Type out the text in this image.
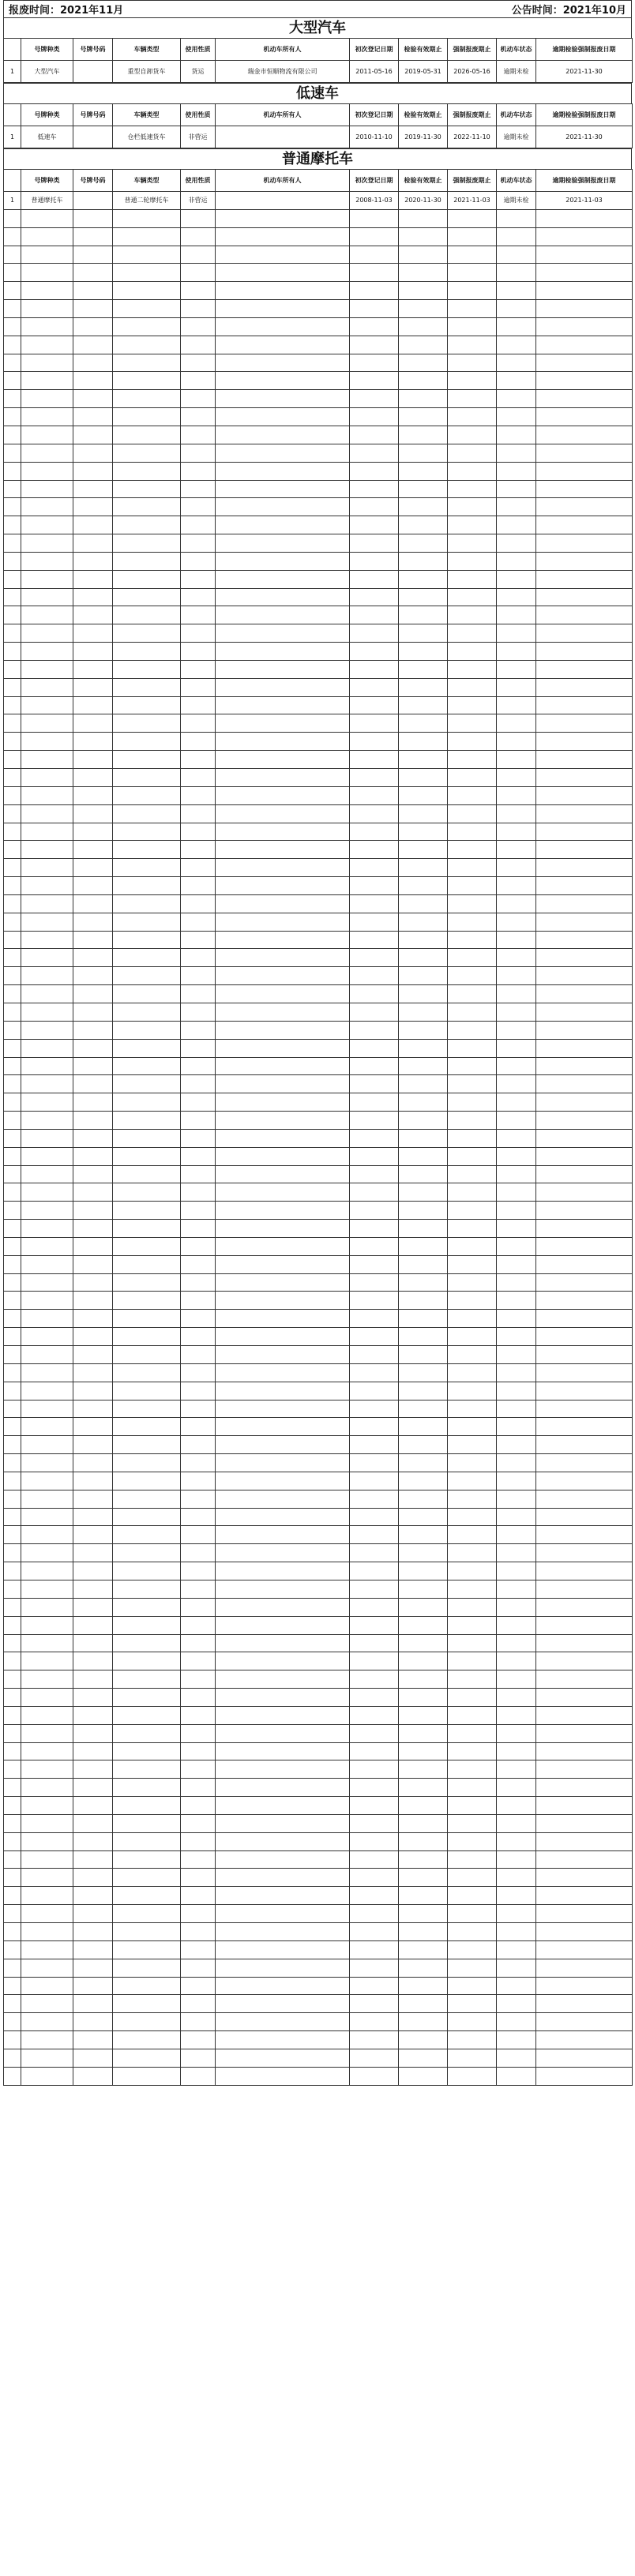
报废时间：2021年11月	公告时间：2021年10月
大型汽车
	号牌种类	号牌号码	车辆类型	使用性质	机动车所有人	初次登记日期	检验有效期止	强制报废期止	机动车状态	逾期检验强制报废日期
1	大型汽车		重型自卸货车	货运	瑞金市恒顺物流有限公司	2011-05-16	2019-05-31	2026-05-16	逾期未检	2021-11-30
低速车
	号牌种类	号牌号码	车辆类型	使用性质	机动车所有人	初次登记日期	检验有效期止	强制报废期止	机动车状态	逾期检验强制报废日期
1	低速车		仓栏低速货车	非营运		2010-11-10	2019-11-30	2022-11-10	逾期未检	2021-11-30
普通摩托车
	号牌种类	号牌号码	车辆类型	使用性质	机动车所有人	初次登记日期	检验有效期止	强制报废期止	机动车状态	逾期检验强制报废日期
1	普通摩托车		普通二轮摩托车	非营运		2008-11-03	2020-11-30	2021-11-03	逾期未检	2021-11-03
